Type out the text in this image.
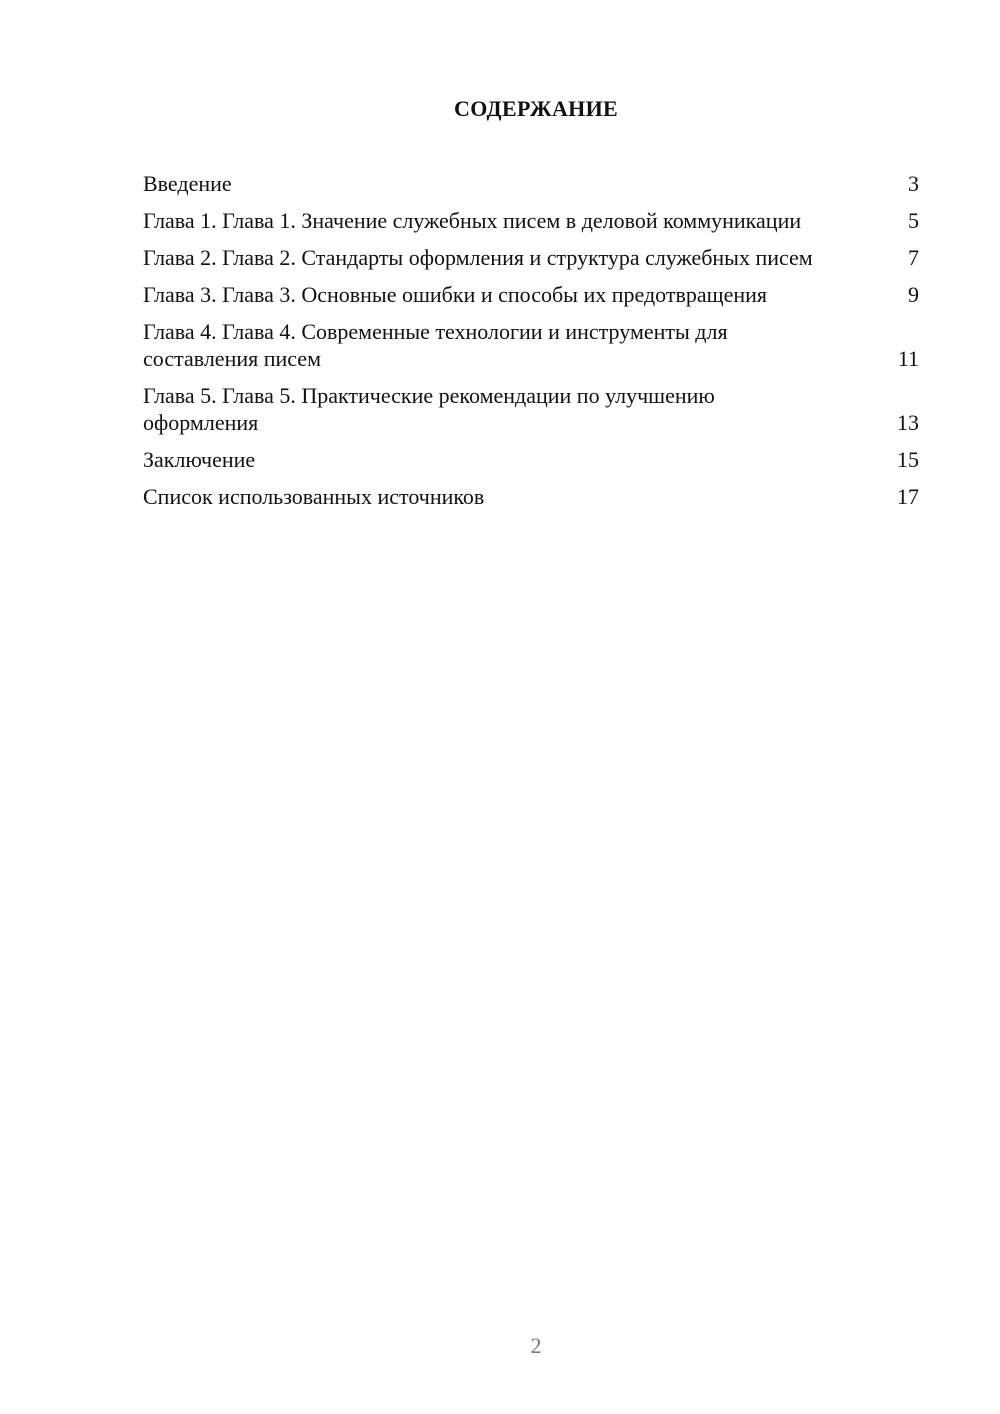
СОДЕРЖАНИЕ
Введение	3
Глава 1. Глава 1. Значение служебных писем в деловой коммуникации	5
Глава 2. Глава 2. Стандарты оформления и структура служебных писем	7
Глава 3. Глава 3. Основные ошибки и способы их предотвращения	9
Глава 4. Глава 4. Современные технологии и инструменты для составления писем	11
Глава 5. Глава 5. Практические рекомендации по улучшению оформления	13
Заключение	15
Список использованных источников	17
2
